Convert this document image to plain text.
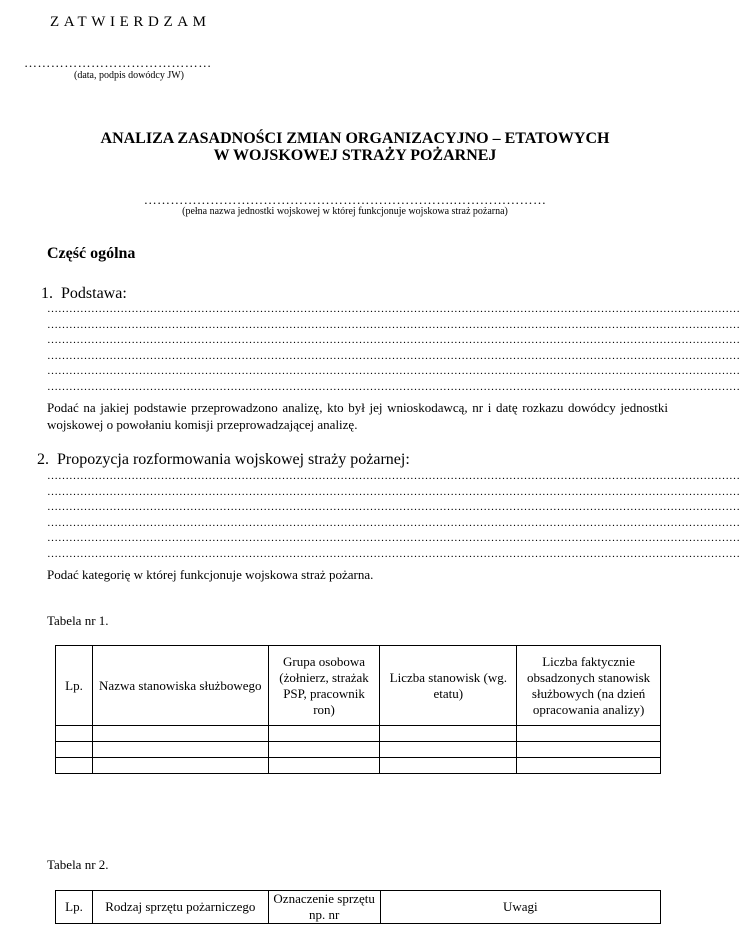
ZATWIERDZAM
……………………………………
(data, podpis dowódcy JW)
ANALIZA ZASADNOŚCI ZMIAN ORGANIZACYJNO – ETATOWYCH
W WOJSKOWEJ STRAŻY POŻARNEJ
…………………………………………………………….…………………
(pełna nazwa jednostki wojskowej w której funkcjonuje wojskowa straż pożarna)
Część ogólna
1. Podstawa:
………………………………………………………………………………………………………………………………………………………………………
………………………………………………………………………………………………………………………………………………………………………
………………………………………………………………………………………………………………………………………………………………………
………………………………………………………………………………………………………………………………………………………………………
………………………………………………………………………………………………………………………………………………………………………
………………………………………………………………………………………………………………………………………………………………………
Podać na jakiej podstawie przeprowadzono analizę, kto był jej wnioskodawcą, nr i datę rozkazu dowódcy jednostki wojskowej o powołaniu komisji przeprowadzającej analizę.
2. Propozycja rozformowania wojskowej straży pożarnej:
………………………………………………………………………………………………………………………………………………………………………
………………………………………………………………………………………………………………………………………………………………………
………………………………………………………………………………………………………………………………………………………………………
………………………………………………………………………………………………………………………………………………………………………
………………………………………………………………………………………………………………………………………………………………………
………………………………………………………………………………………………………………………………………………………………………
Podać kategorię w której funkcjonuje wojskowa straż pożarna.
Tabela nr 1.
Lp.	Nazwa stanowiska służbowego	Grupa osobowa (żołnierz, strażak PSP, pracownik ron)	Liczba stanowisk (wg. etatu)	Liczba faktycznie obsadzonych stanowisk służbowych (na dzień opracowania analizy)

Tabela nr 2.
Lp.	Rodzaj sprzętu pożarniczego	Oznaczenie sprzętu np. nr	Uwagi
